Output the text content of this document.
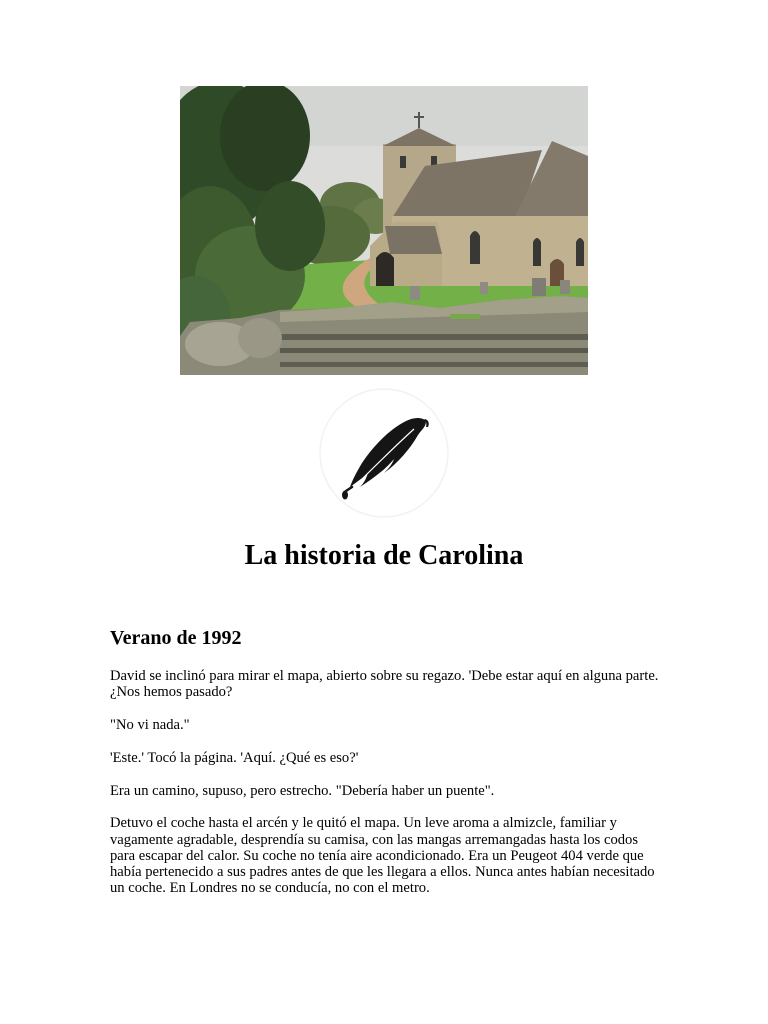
La historia de Carolina
Verano de 1992

David se inclinó para mirar el mapa, abierto sobre su regazo. 'Debe estar aquí en alguna parte. ¿Nos hemos pasado?

"No vi nada."

'Este.' Tocó la página. 'Aquí. ¿Qué es eso?'

Era un camino, supuso, pero estrecho. "Debería haber un puente".

Detuvo el coche hasta el arcén y le quitó el mapa. Un leve aroma a almizcle, familiar y vagamente agradable, desprendía su camisa, con las mangas arremangadas hasta los codos para escapar del calor. Su coche no tenía aire acondicionado. Era un Peugeot 404 verde que había pertenecido a sus padres antes de que les llegara a ellos. Nunca antes habían necesitado un coche. En Londres no se conducía, no con el metro.
